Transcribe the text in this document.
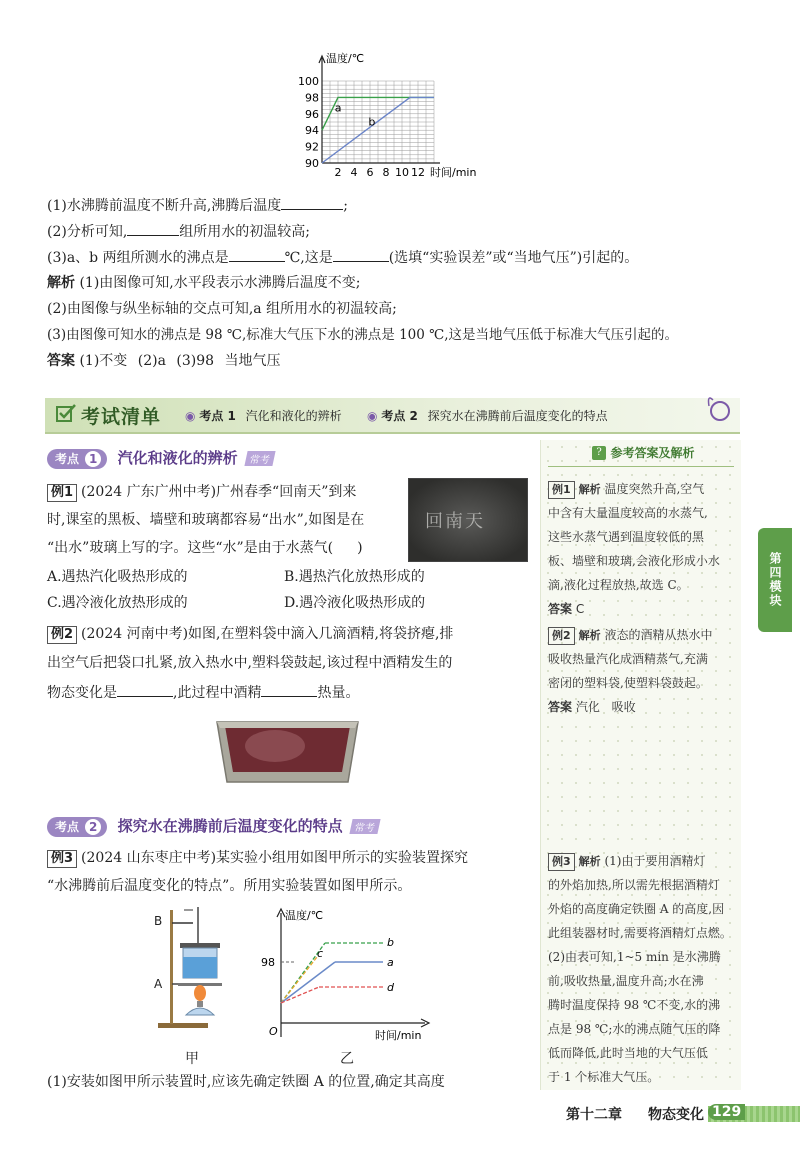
100
98
96
94
92
90
2 4 6 8 10 12
温度/℃
时间/min
a
b
(1)水沸腾前温度不断升高,沸腾后温度	;
(2)分析可知,	组所用水的初温较高;
(3)a、b 两组所测水的沸点是	℃,这是	(选填“实验误差”或“当地气压”)引起的。
解析 (1)由图像可知,水平段表示水沸腾后温度不变;
(2)由图像与纵坐标轴的交点可知,a 组所用水的初温较高;
(3)由图像可知水的沸点是 98 ℃,标准大气压下水的沸点是 100 ℃,这是当地气压低于标准大气压引起的。
答案 (1)不变 (2)a (3)98 当地气压
考试清单 ◉ 考点 1 汽化和液化的辨析 ◉ 考点 2 探究水在沸腾前后温度变化的特点
考点 1 汽化和液化的辨析 常考
例1 (2024 广东广州中考)广州春季“回南天”到来
时,课室的黑板、墙壁和玻璃都容易“出水”,如图是在
“出水”玻璃上写的字。这些“水”是由于水蒸气( )
回南天
A.遇热汽化吸热形成的	B.遇热汽化放热形成的
C.遇冷液化放热形成的	D.遇冷液化吸热形成的
例2 (2024 河南中考)如图,在塑料袋中滴入几滴酒精,将袋挤瘪,排
出空气后把袋口扎紧,放入热水中,塑料袋鼓起,该过程中酒精发生的
物态变化是	,此过程中酒精	热量。
考点 2 探究水在沸腾前后温度变化的特点 常考
例3 (2024 山东枣庄中考)某实验小组用如图甲所示的实验装置探究
“水沸腾前后温度变化的特点”。所用实验装置如图甲所示。
B
A
甲
温度/℃
时间/min
98
O
b
c
a
d
乙
(1)安装如图甲所示装置时,应该先确定铁圈 A 的位置,确定其高度
? 参考答案及解析
例1 解析 温度突然升高,空气
中含有大量温度较高的水蒸气,
这些水蒸气遇到温度较低的黑
板、墙壁和玻璃,会液化形成小水
滴,液化过程放热,故选 C。
答案 C
例2 解析 液态的酒精从热水中
吸收热量汽化成酒精蒸气,充满
密闭的塑料袋,使塑料袋鼓起。
答案 汽化 吸收
例3 解析 (1)由于要用酒精灯
的外焰加热,所以需先根据酒精灯
外焰的高度确定铁圈 A 的高度,因
此组装器材时,需要将酒精灯点燃。
(2)由表可知,1~5 min 是水沸腾
前,吸收热量,温度升高;水在沸
腾时温度保持 98 ℃不变,水的沸
点是 98 ℃;水的沸点随气压的降
低而降低,此时当地的大气压低
于 1 个标准大气压。
第四模块
第十二章 物态变化 129
